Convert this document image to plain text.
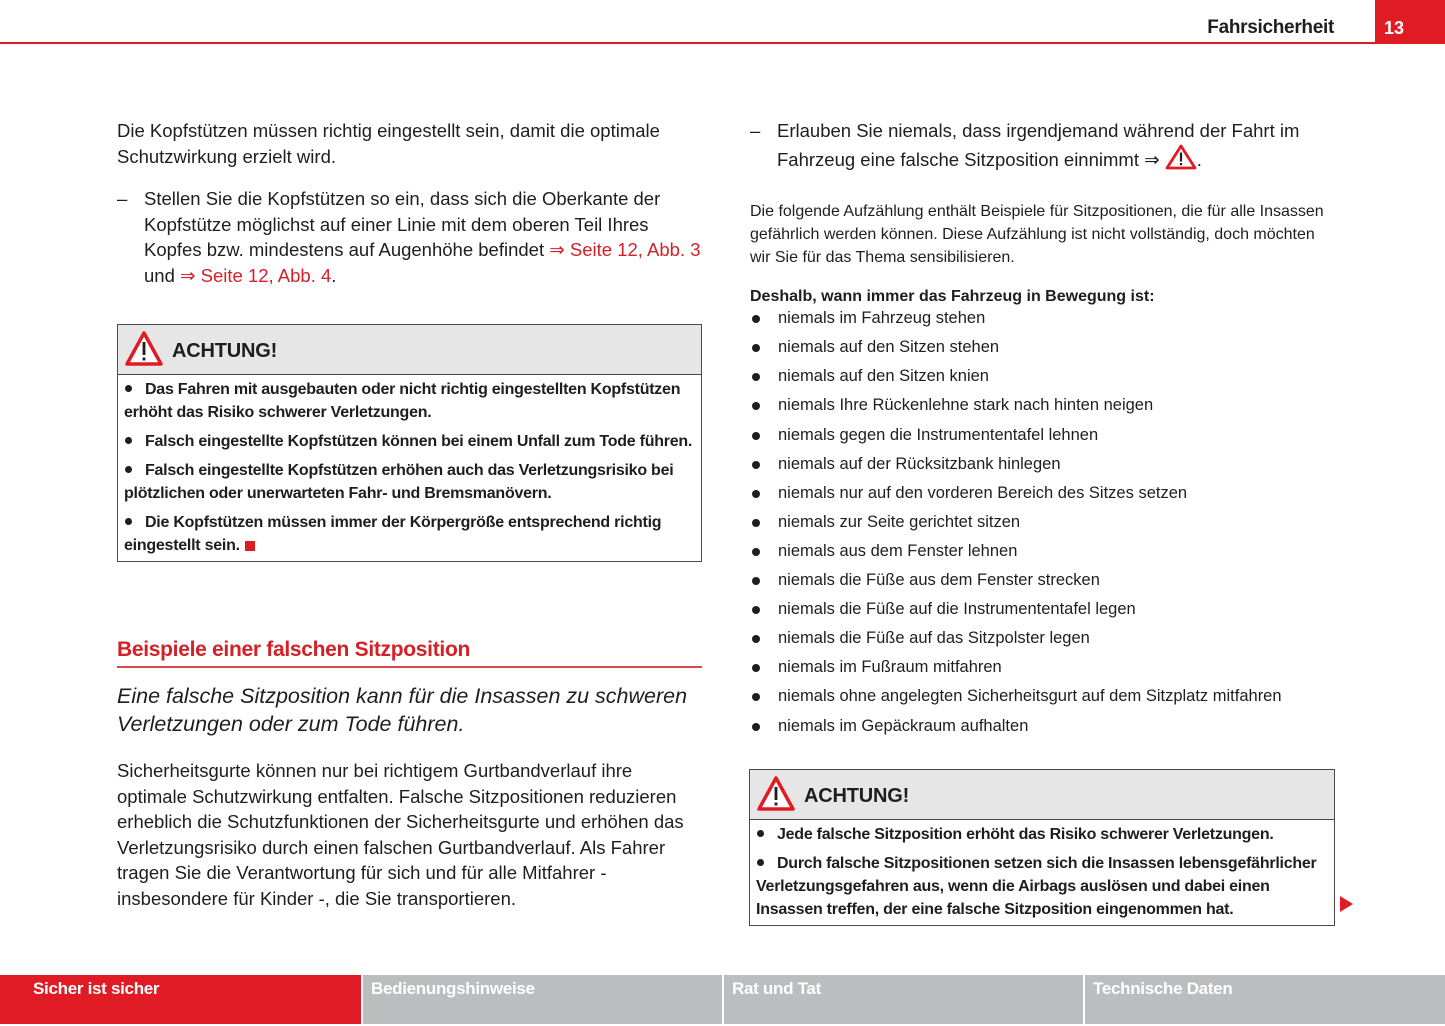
Fahrsicherheit	13

Die Kopfstützen müssen richtig eingestellt sein, damit die optimale Schutzwirkung erzielt wird.

– Stellen Sie die Kopfstützen so ein, dass sich die Oberkante der Kopfstütze möglichst auf einer Linie mit dem oberen Teil Ihres Kopfes bzw. mindestens auf Augenhöhe befindet ⇒ Seite 12, Abb. 3 und ⇒ Seite 12, Abb. 4.
ACHTUNG!
Das Fahren mit ausgebauten oder nicht richtig eingestellten Kopfstützen erhöht das Risiko schwerer Verletzungen.
Falsch eingestellte Kopfstützen können bei einem Unfall zum Tode führen.
Falsch eingestellte Kopfstützen erhöhen auch das Verletzungsrisiko bei plötzlichen oder unerwarteten Fahr- und Bremsmanövern.
Die Kopfstützen müssen immer der Körpergröße entsprechend richtig eingestellt sein.
Beispiele einer falschen Sitzposition
Eine falsche Sitzposition kann für die Insassen zu schweren Verletzungen oder zum Tode führen.

Sicherheitsgurte können nur bei richtigem Gurtbandverlauf ihre optimale Schutzwirkung entfalten. Falsche Sitzpositionen reduzieren erheblich die Schutzfunktionen der Sicherheitsgurte und erhöhen das Verletzungsrisiko durch einen falschen Gurtbandverlauf. Als Fahrer tragen Sie die Verantwortung für sich und für alle Mitfahrer - insbesondere für Kinder -, die Sie transportieren.

– Erlauben Sie niemals, dass irgendjemand während der Fahrt im Fahrzeug eine falsche Sitzposition einnimmt ⇒ .

Die folgende Aufzählung enthält Beispiele für Sitzpositionen, die für alle Insassen gefährlich werden können. Diese Aufzählung ist nicht vollständig, doch möchten wir Sie für das Thema sensibilisieren.

Deshalb, wann immer das Fahrzeug in Bewegung ist:

niemals im Fahrzeug stehen
niemals auf den Sitzen stehen
niemals auf den Sitzen knien
niemals Ihre Rückenlehne stark nach hinten neigen
niemals gegen die Instrumententafel lehnen
niemals auf der Rücksitzbank hinlegen
niemals nur auf den vorderen Bereich des Sitzes setzen
niemals zur Seite gerichtet sitzen
niemals aus dem Fenster lehnen
niemals die Füße aus dem Fenster strecken
niemals die Füße auf die Instrumententafel legen
niemals die Füße auf das Sitzpolster legen
niemals im Fußraum mitfahren
niemals ohne angelegten Sicherheitsgurt auf dem Sitzplatz mitfahren
niemals im Gepäckraum aufhalten
ACHTUNG!
Jede falsche Sitzposition erhöht das Risiko schwerer Verletzungen.
Durch falsche Sitzpositionen setzen sich die Insassen lebensgefährlicher Verletzungsgefahren aus, wenn die Airbags auslösen und dabei einen Insassen treffen, der eine falsche Sitzposition eingenommen hat.
Sicher ist sicher	Bedienungshinweise	Rat und Tat	Technische Daten
